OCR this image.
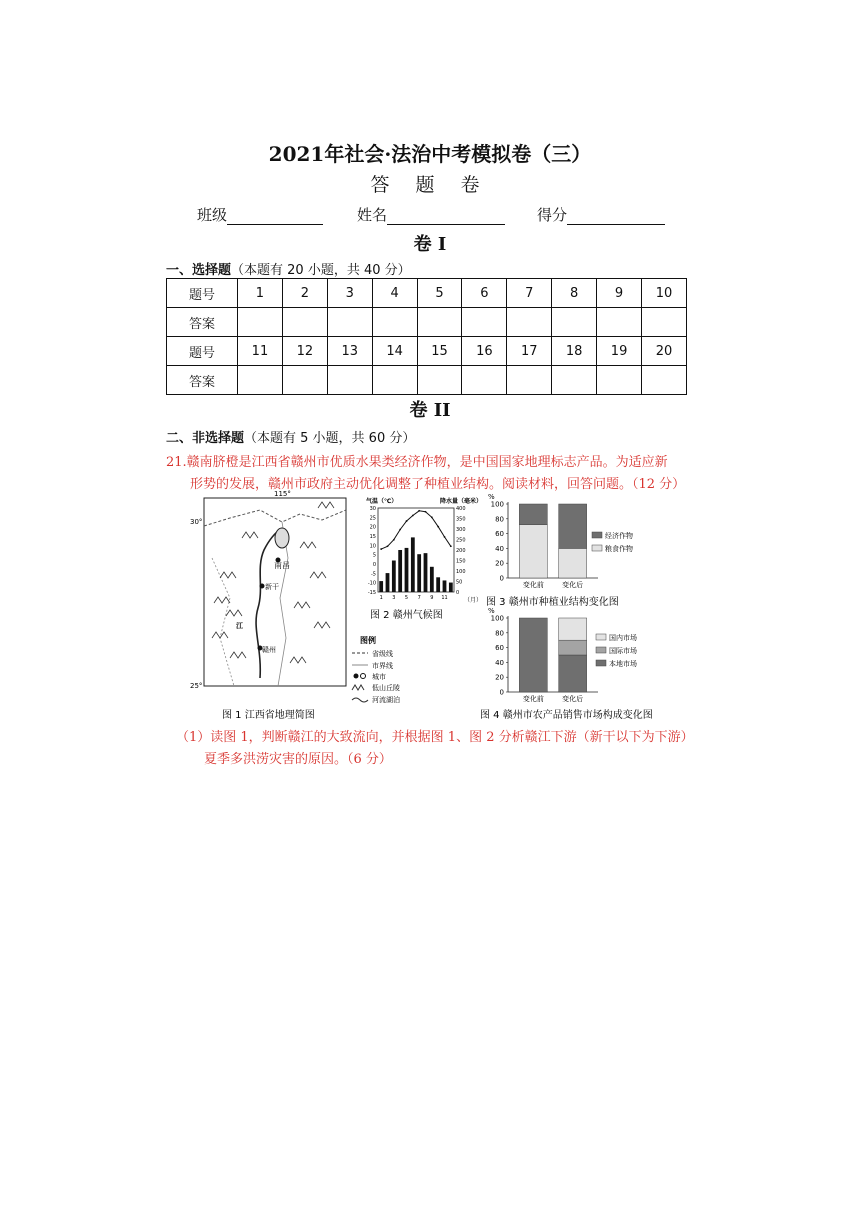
2021年社会·法治中考模拟卷（三）
答 题 卷
班级	姓名	得分
卷 I
一、选择题（本题有 20 小题，共 40 分）
题号	1	2	3	4	5	6	7	8	9	10
答案										
题号	11	12	13	14	15	16	17	18	19	20
答案										
卷 II
二、非选择题（本题有 5 小题，共 60 分）
21.赣南脐橙是江西省赣州市优质水果类经济作物，是中国国家地理标志产品。为适应新
形势的发展，赣州市政府主动优化调整了种植业结构。阅读材料，回答问题。（12 分）
115°
30°
25°
南昌
新干
江
赣州
图 1 江西省地理简图
图例
省级线
市界线
城市
低山丘陵
河流湖泊
气温（℃）	降水量（毫米）
（月）
图 2 赣州气候图
-15
-10
-5
0
5
10
15
20
25
30
0
50
100
150
200
250
300
350
400
1 3 5 7 9 11
%
图 3 赣州市种植业结构变化图
0
20
40
60
80
100
变化前	变化后
经济作物
粮食作物
%
图 4 赣州市农产品销售市场构成变化图
0
20
40
60
80
100
变化前	变化后
国内市场
国际市场
本地市场
（1）读图 1，判断赣江的大致流向，并根据图 1、图 2 分析赣江下游（新干以下为下游）
夏季多洪涝灾害的原因。（6 分）
